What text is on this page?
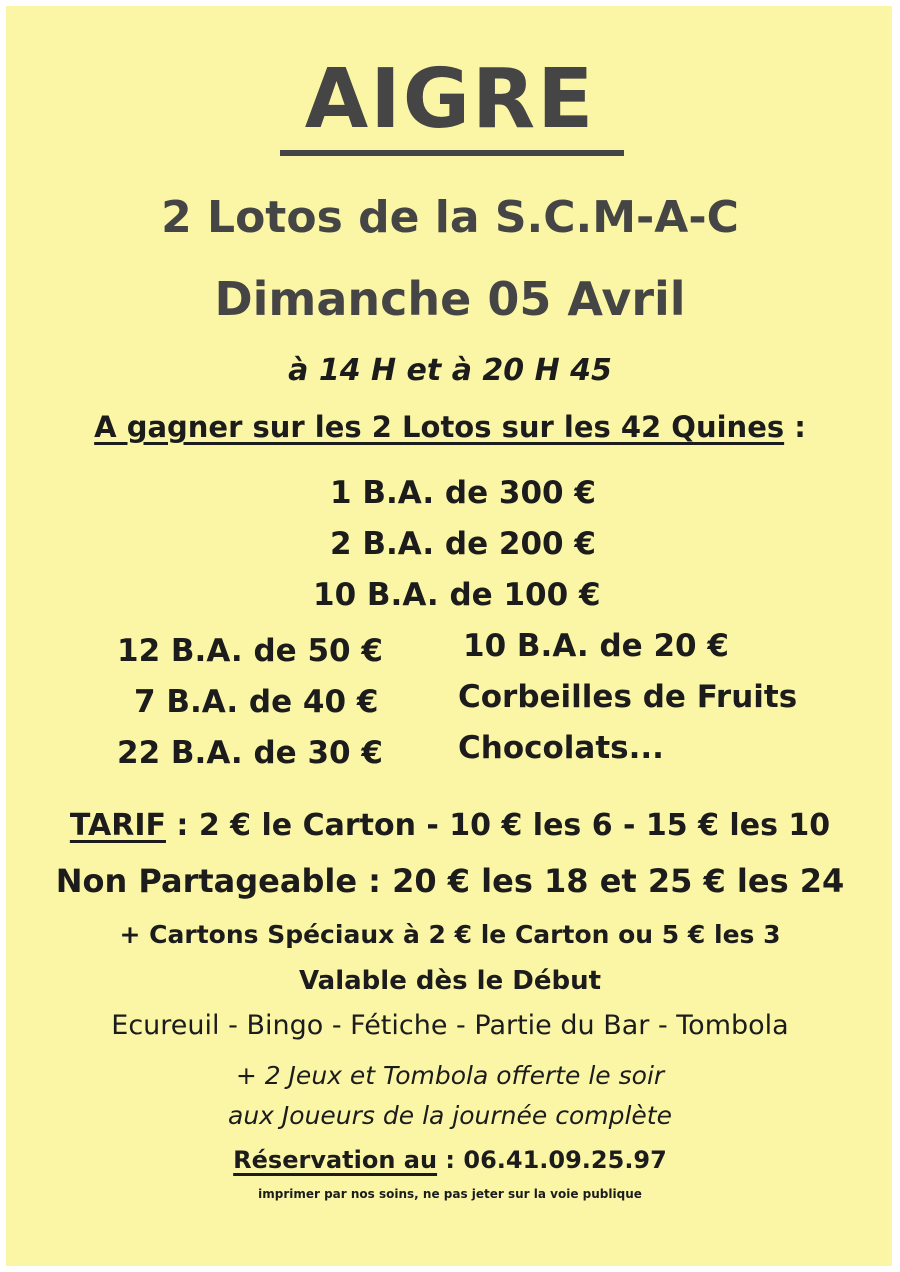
AIGRE
2 Lotos de la S.C.M-A-C
Dimanche 05 Avril
à 14 H et à 20 H 45
A gagner sur les 2 Lotos sur les 42 Quines :
1 B.A. de 300 €
2 B.A. de 200 €
10 B.A. de 100 €
12 B.A. de 50 €
7 B.A. de 40 €
22 B.A. de 30 €
10 B.A. de 20 €
Corbeilles de Fruits
Chocolats...
TARIF : 2 € le Carton - 10 € les 6 - 15 € les 10
Non Partageable : 20 € les 18 et 25 € les 24
+ Cartons Spéciaux à 2 € le Carton ou 5 € les 3
Valable dès le Début
Ecureuil - Bingo - Fétiche - Partie du Bar - Tombola
+ 2 Jeux et Tombola offerte le soir
aux Joueurs de la journée complète
Réservation au : 06.41.09.25.97
imprimer par nos soins, ne pas jeter sur la voie publique
